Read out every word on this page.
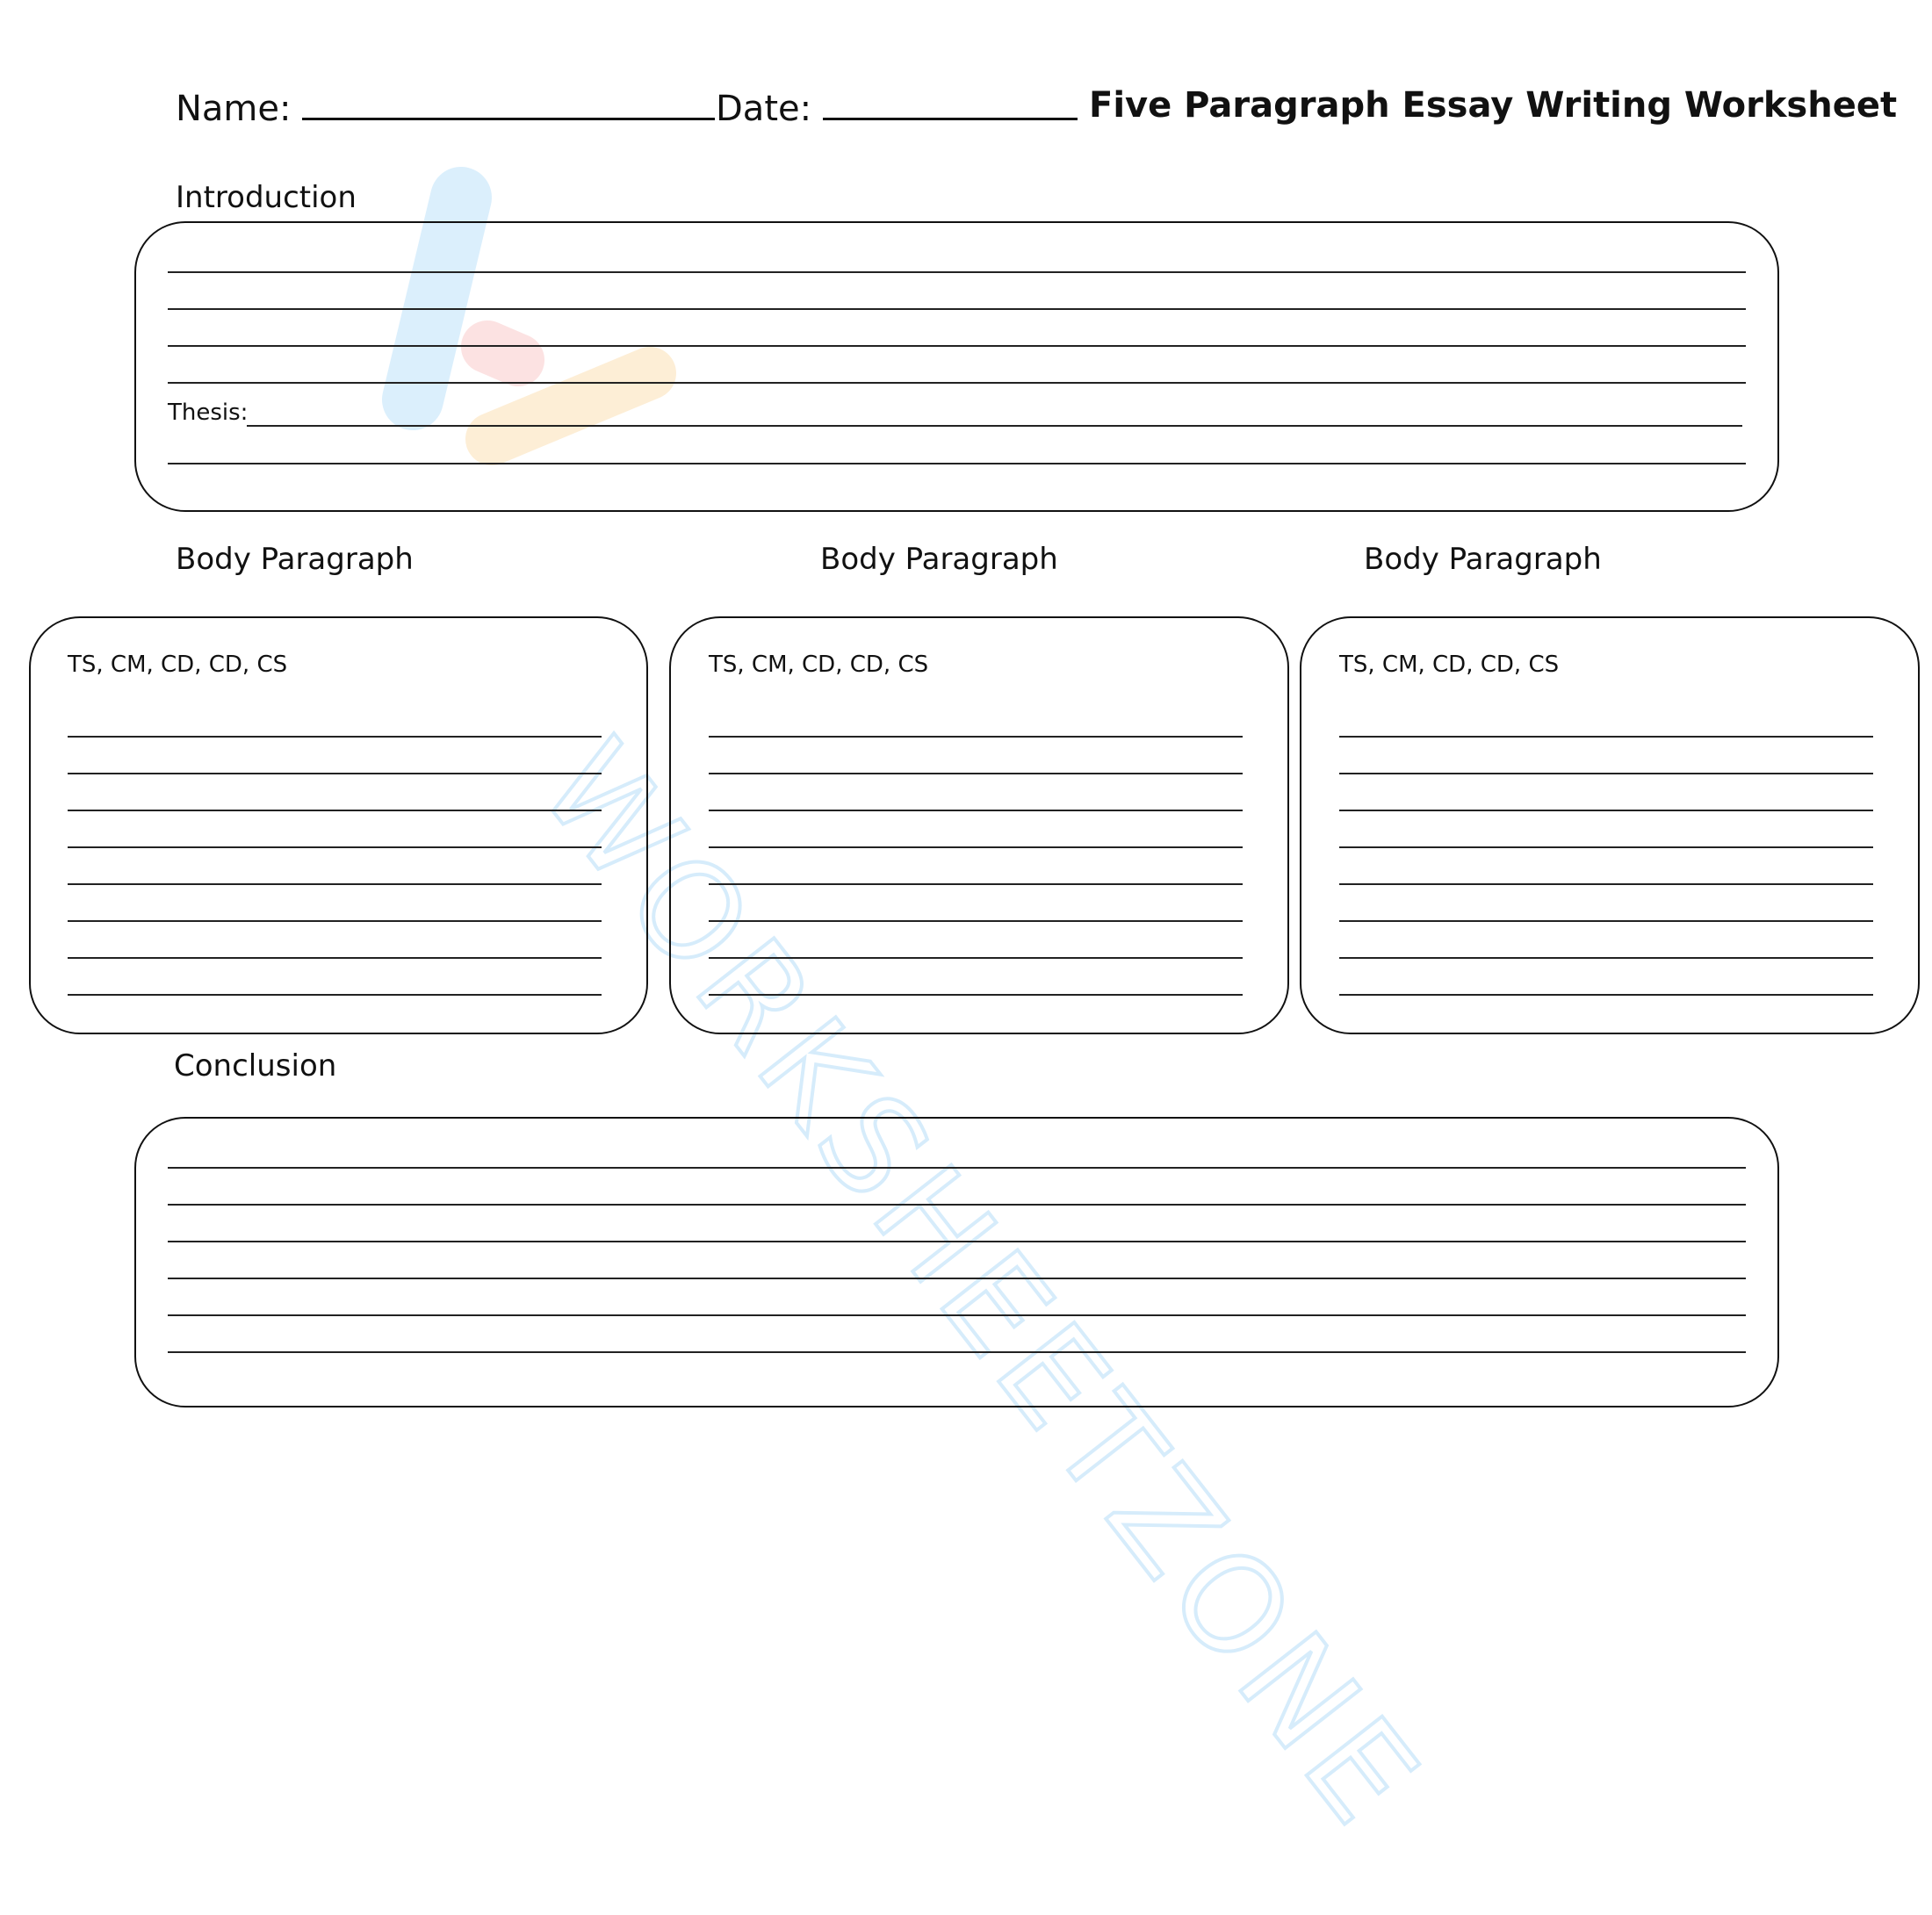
WORKSHEETZONE
Name:	Date:	Five Paragraph Essay Writing Worksheet
Introduction
Thesis:
Body Paragraph	Body Paragraph	Body Paragraph
TS, CM, CD, CD, CS	TS, CM, CD, CD, CS	TS, CM, CD, CD, CS
Conclusion
